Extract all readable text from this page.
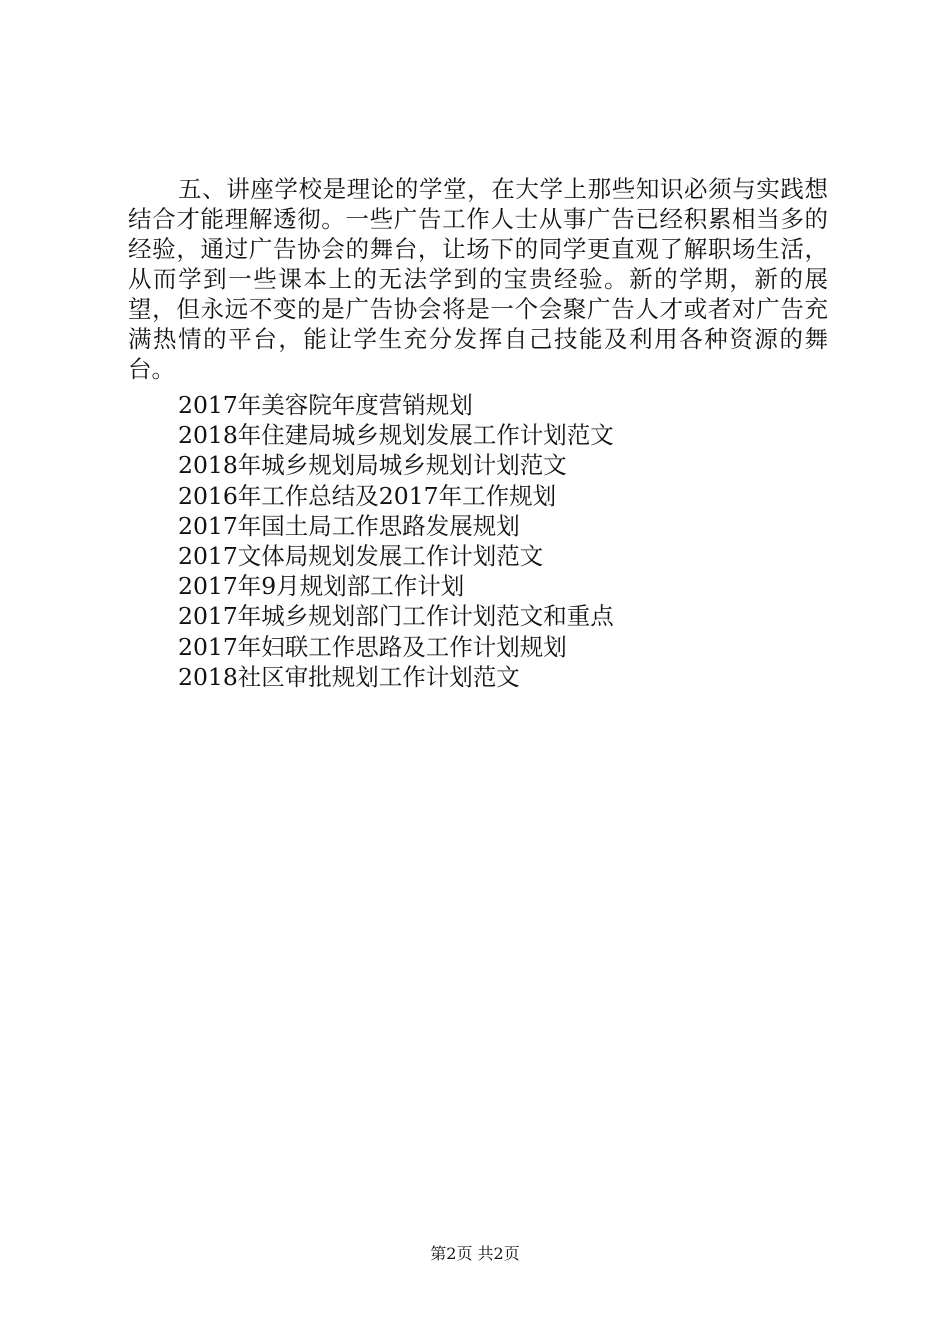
五、讲座学校是理论的学堂，在大学上那些知识必须与实践想结合才能理解透彻。一些广告工作人士从事广告已经积累相当多的经验，通过广告协会的舞台，让场下的同学更直观了解职场生活，从而学到一些课本上的无法学到的宝贵经验。新的学期，新的展望，但永远不变的是广告协会将是一个会聚广告人才或者对广告充满热情的平台，能让学生充分发挥自己技能及利用各种资源的舞台。

2017年美容院年度营销规划
2018年住建局城乡规划发展工作计划范文
2018年城乡规划局城乡规划计划范文
2016年工作总结及2017年工作规划
2017年国土局工作思路发展规划
2017文体局规划发展工作计划范文
2017年9月规划部工作计划
2017年城乡规划部门工作计划范文和重点
2017年妇联工作思路及工作计划规划
2018社区审批规划工作计划范文
第2页 共2页
